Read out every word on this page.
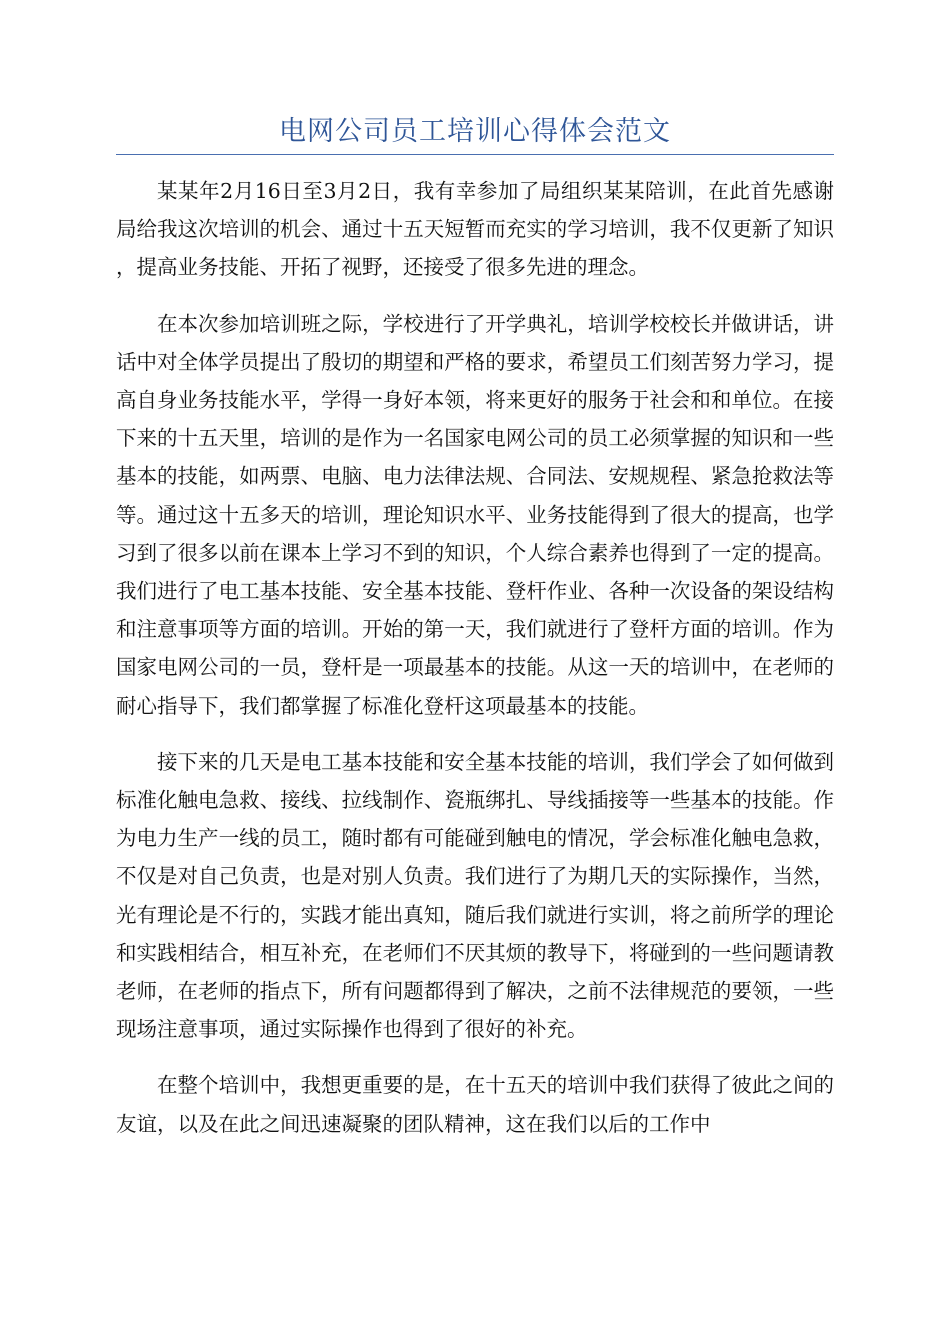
电网公司员工培训心得体会范文

某某年2月16日至3月2日，我有幸参加了局组织某某陪训，在此首先感谢局给我这次培训的机会、通过十五天短暂而充实的学习培训，我不仅更新了知识，提高业务技能、开拓了视野，还接受了很多先进的理念。

在本次参加培训班之际，学校进行了开学典礼，培训学校校长并做讲话，讲话中对全体学员提出了殷切的期望和严格的要求，希望员工们刻苦努力学习，提高自身业务技能水平，学得一身好本领，将来更好的服务于社会和和单位。在接下来的十五天里，培训的是作为一名国家电网公司的员工必须掌握的知识和一些基本的技能，如两票、电脑、电力法律法规、合同法、安规规程、紧急抢救法等等。通过这十五多天的培训，理论知识水平、业务技能得到了很大的提高，也学习到了很多以前在课本上学习不到的知识，个人综合素养也得到了一定的提高。我们进行了电工基本技能、安全基本技能、登杆作业、各种一次设备的架设结构和注意事项等方面的培训。开始的第一天，我们就进行了登杆方面的培训。作为国家电网公司的一员，登杆是一项最基本的技能。从这一天的培训中，在老师的耐心指导下，我们都掌握了标准化登杆这项最基本的技能。

接下来的几天是电工基本技能和安全基本技能的培训，我们学会了如何做到标准化触电急救、接线、拉线制作、瓷瓶绑扎、导线插接等一些基本的技能。作为电力生产一线的员工，随时都有可能碰到触电的情况，学会标准化触电急救，不仅是对自己负责，也是对别人负责。我们进行了为期几天的实际操作，当然，光有理论是不行的，实践才能出真知，随后我们就进行实训，将之前所学的理论和实践相结合，相互补充，在老师们不厌其烦的教导下，将碰到的一些问题请教老师，在老师的指点下，所有问题都得到了解决，之前不法律规范的要领，一些现场注意事项，通过实际操作也得到了很好的补充。

在整个培训中，我想更重要的是，在十五天的培训中我们获得了彼此之间的友谊，以及在此之间迅速凝聚的团队精神，这在我们以后的工作中
